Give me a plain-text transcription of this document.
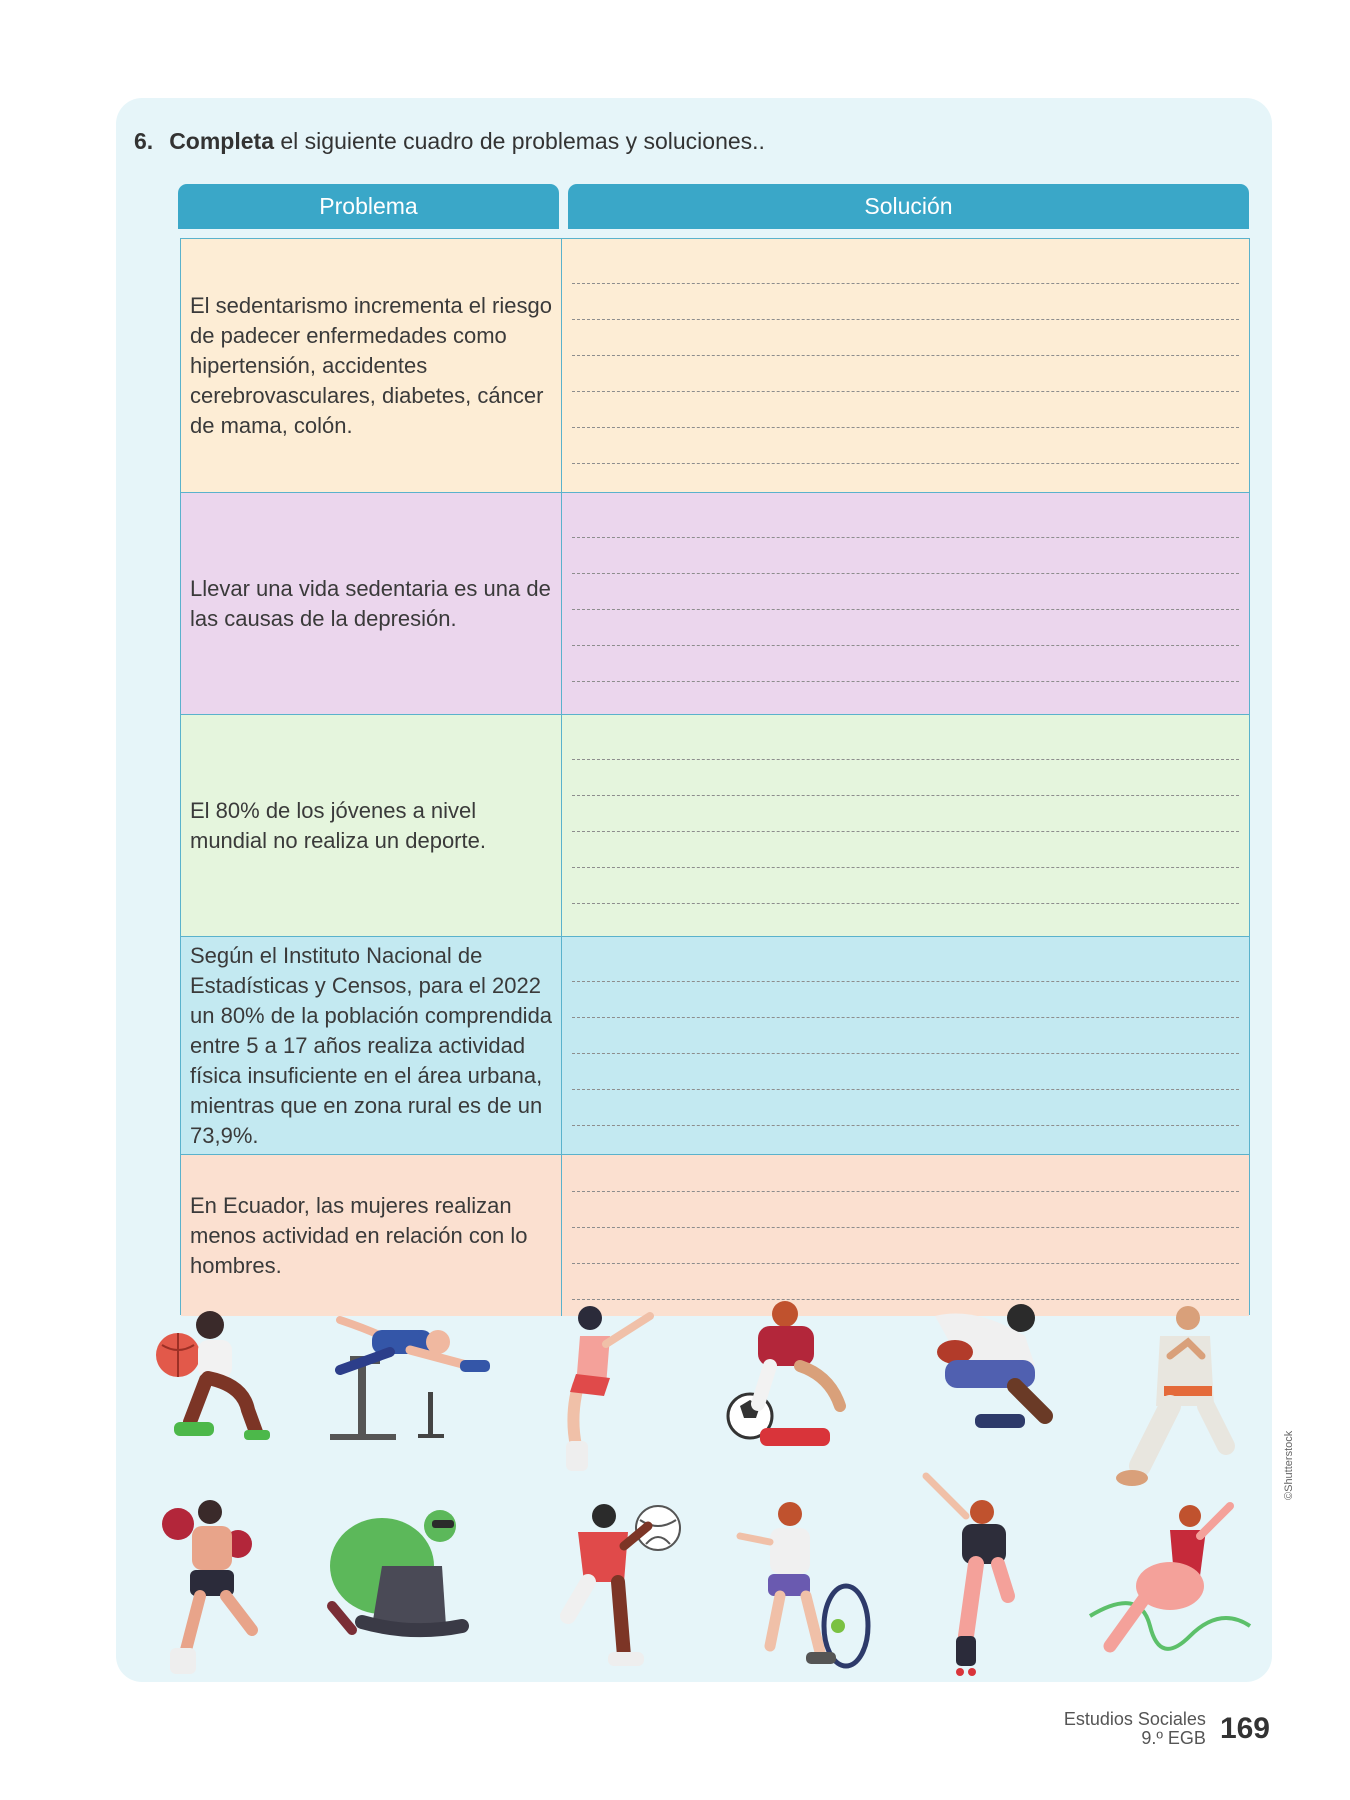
6. Completa el siguiente cuadro de problemas y soluciones..
Problema	Solución
El sedentarismo incrementa el riesgo de padecer enfermedades como hipertensión, accidentes cerebrovasculares, diabetes, cáncer de mama, colón.
Llevar una vida sedentaria es una de las causas de la depresión.
El 80% de los jóvenes a nivel mundial no realiza un deporte.
Según el Instituto Nacional de Estadísticas y Censos, para el 2022 un 80% de la población comprendida entre 5 a 17 años realiza actividad física insuficiente en el área urbana, mientras que en zona rural es de un 73,9%.
En Ecuador, las mujeres realizan menos actividad en relación con lo hombres.
©Shutterstock
Estudios Sociales
9.º EGB 169
